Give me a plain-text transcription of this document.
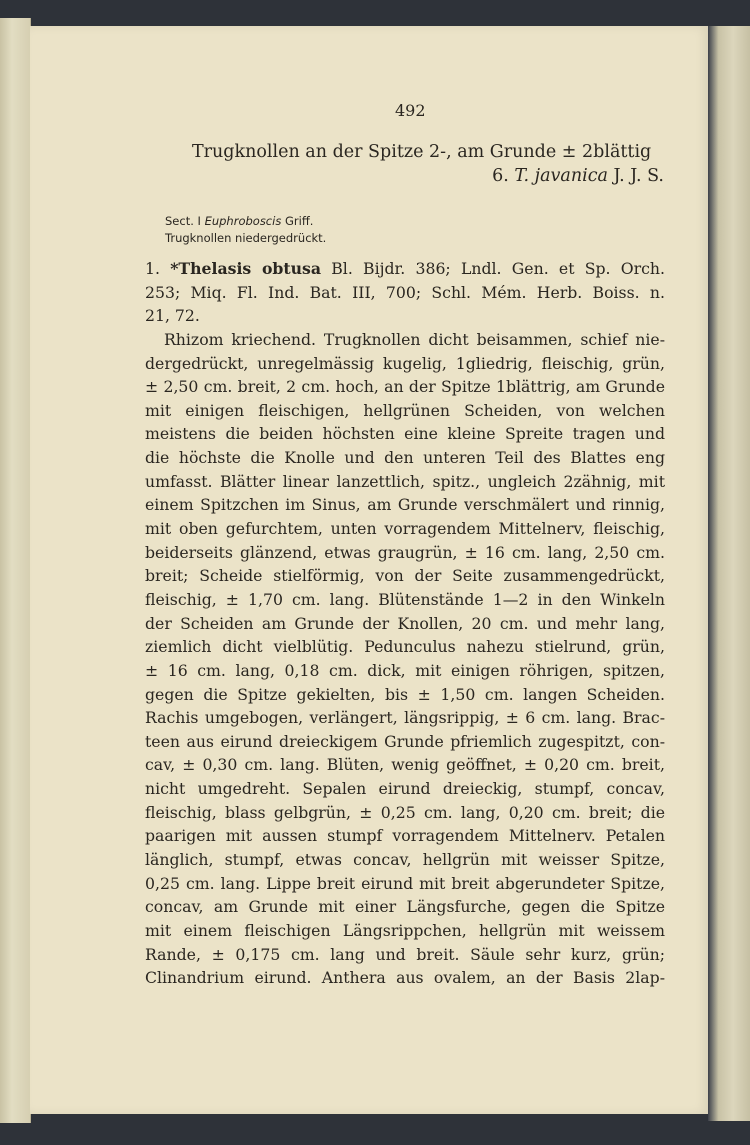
492
Trugknollen an der Spitze 2-, am Grunde ± 2blättig
6. T. javanica J. J. S.
Sect. I Euphroboscis Griff.
Trugknollen niedergedrückt.
1. *Thelasis obtusa Bl. Bijdr. 386; Lndl. Gen. et Sp. Orch.
253; Miq. Fl. Ind. Bat. III, 700; Schl. Mém. Herb. Boiss. n.
21, 72.
Rhizom kriechend. Trugknollen dicht beisammen, schief nie-
dergedrückt, unregelmässig kugelig, 1gliedrig, fleischig, grün,
± 2,50 cm. breit, 2 cm. hoch, an der Spitze 1blättrig, am Grunde
mit einigen fleischigen, hellgrünen Scheiden, von welchen
meistens die beiden höchsten eine kleine Spreite tragen und
die höchste die Knolle und den unteren Teil des Blattes eng
umfasst. Blätter linear lanzettlich, spitz., ungleich 2zähnig, mit
einem Spitzchen im Sinus, am Grunde verschmälert und rinnig,
mit oben gefurchtem, unten vorragendem Mittelnerv, fleischig,
beiderseits glänzend, etwas graugrün, ± 16 cm. lang, 2,50 cm.
breit; Scheide stielförmig, von der Seite zusammengedrückt,
fleischig, ± 1,70 cm. lang. Blütenstände 1—2 in den Winkeln
der Scheiden am Grunde der Knollen, 20 cm. und mehr lang,
ziemlich dicht vielblütig. Pedunculus nahezu stielrund, grün,
± 16 cm. lang, 0,18 cm. dick, mit einigen röhrigen, spitzen,
gegen die Spitze gekielten, bis ± 1,50 cm. langen Scheiden.
Rachis umgebogen, verlängert, längsrippig, ± 6 cm. lang. Brac-
teen aus eirund dreieckigem Grunde pfriemlich zugespitzt, con-
cav, ± 0,30 cm. lang. Blüten, wenig geöffnet, ± 0,20 cm. breit,
nicht umgedreht. Sepalen eirund dreieckig, stumpf, concav,
fleischig, blass gelbgrün, ± 0,25 cm. lang, 0,20 cm. breit; die
paarigen mit aussen stumpf vorragendem Mittelnerv. Petalen
länglich, stumpf, etwas concav, hellgrün mit weisser Spitze,
0,25 cm. lang. Lippe breit eirund mit breit abgerundeter Spitze,
concav, am Grunde mit einer Längsfurche, gegen die Spitze
mit einem fleischigen Längsrippchen, hellgrün mit weissem
Rande, ± 0,175 cm. lang und breit. Säule sehr kurz, grün;
Clinandrium eirund. Anthera aus ovalem, an der Basis 2lap-
